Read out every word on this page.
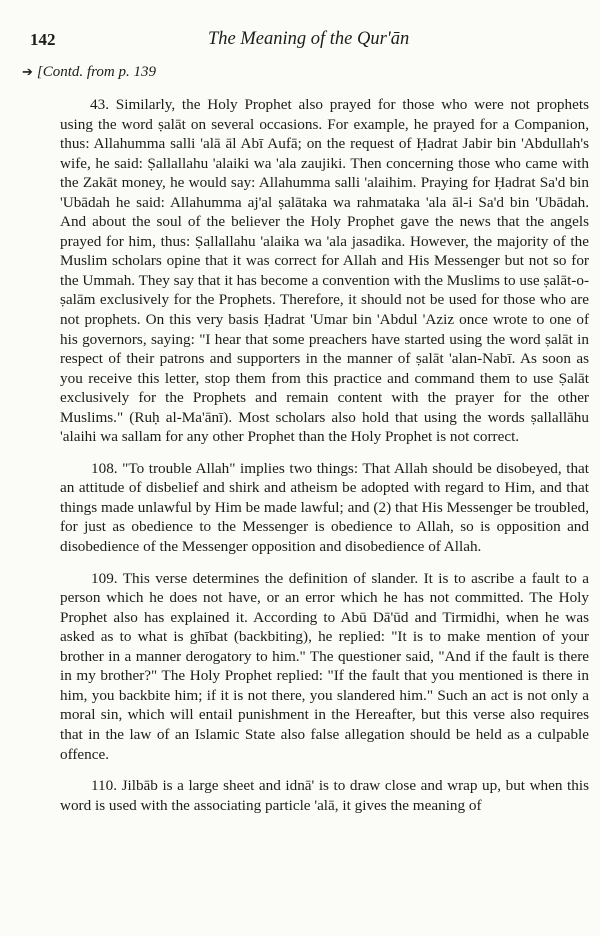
142	The Meaning of the Qur'ān
➔ [Contd. from p. 139

43. Similarly, the Holy Prophet also prayed for those who were not prophets using the word ṣalāt on several occasions. For example, he prayed for a Companion, thus: Allahumma salli 'alā āl Abī Aufā; on the request of Ḥadrat Jabir bin 'Abdullah's wife, he said: Ṣallallahu 'alaiki wa 'ala zaujiki. Then concerning those who came with the Zakāt money, he would say: Allahumma salli 'alaihim. Praying for Ḥadrat Sa'd bin 'Ubādah he said: Allahumma aj'al ṣalātaka wa rahmataka 'ala āl-i Sa'd bin 'Ubādah. And about the soul of the believer the Holy Prophet gave the news that the angels prayed for him, thus: Ṣallallahu 'alaika wa 'ala jasadika. However, the majority of the Muslim scholars opine that it was correct for Allah and His Messenger but not so for the Ummah. They say that it has become a convention with the Muslims to use ṣalāt-o-ṣalām exclusively for the Prophets. Therefore, it should not be used for those who are not prophets. On this very basis Ḥadrat 'Umar bin 'Abdul 'Aziz once wrote to one of his governors, saying: "I hear that some preachers have started using the word ṣalāt in respect of their patrons and supporters in the manner of ṣalāt 'alan-Nabī. As soon as you receive this letter, stop them from this practice and command them to use Ṣalāt exclusively for the Prophets and remain content with the prayer for the other Muslims." (Ruḥ al-Ma'ānī). Most scholars also hold that using the words ṣallallāhu 'alaihi wa sallam for any other Prophet than the Holy Prophet is not correct.

108. "To trouble Allah" implies two things: That Allah should be disobeyed, that an attitude of disbelief and shirk and atheism be adopted with regard to Him, and that things made unlawful by Him be made lawful; and (2) that His Messenger be troubled, for just as obedience to the Messenger is obedience to Allah, so is opposition and disobedience of the Messenger opposition and disobedience of Allah.

109. This verse determines the definition of slander. It is to ascribe a fault to a person which he does not have, or an error which he has not committed. The Holy Prophet also has explained it. According to Abū Dā'ūd and Tirmidhi, when he was asked as to what is ghībat (backbiting), he replied: "It is to make mention of your brother in a manner derogatory to him." The questioner said, "And if the fault is there in my brother?" The Holy Prophet replied: "If the fault that you mentioned is there in him, you backbite him; if it is not there, you slandered him." Such an act is not only a moral sin, which will entail punishment in the Hereafter, but this verse also requires that in the law of an Islamic State also false allegation should be held as a culpable offence.

110. Jilbāb is a large sheet and idnā' is to draw close and wrap up, but when this word is used with the associating particle 'alā, it gives the meaning of
